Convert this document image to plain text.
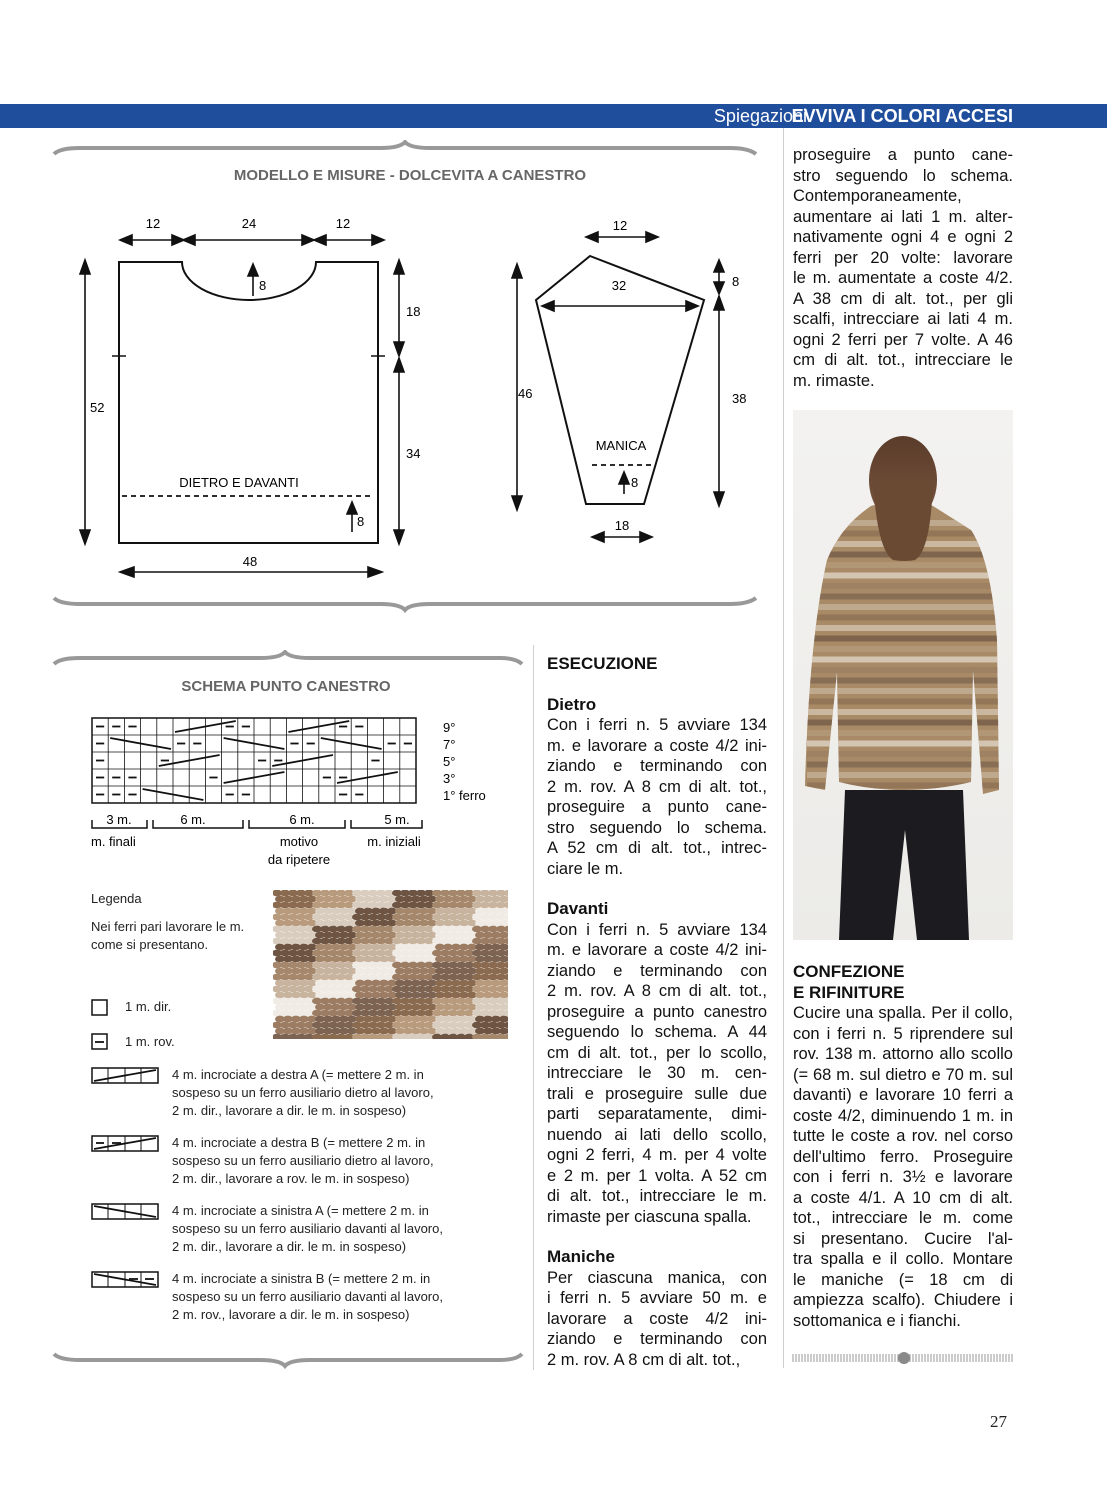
Spiegazioni
EVVIVA I COLORI ACCESI
MODELLO E MISURE - DOLCEVITA A CANESTRO
12	24	12
8
18
52
34
8
48
DIETRO E DAVANTI
12
32	8
46	38
MANICA
8
18
SCHEMA PUNTO CANESTRO
9°
7°
5°
3°
1° ferro
3 m.	6 m.	6 m.	5 m.
m. finali	motivo
da ripetere
m. iniziali
Legenda
Nei ferri pari lavorare le m. come si presentano.
1 m. dir.
1 m. rov.
4 m. incrociate a destra A (= mettere 2 m. in
sospeso su un ferro ausiliario dietro al lavoro,
2 m. dir., lavorare a dir. le m. in sospeso)
4 m. incrociate a destra B (= mettere 2 m. in
sospeso su un ferro ausiliario dietro al lavoro,
2 m. dir., lavorare a rov. le m. in sospeso)
4 m. incrociate a sinistra A (= mettere 2 m. in
sospeso su un ferro ausiliario davanti al lavoro,
2 m. dir., lavorare a dir. le m. in sospeso)
4 m. incrociate a sinistra B (= mettere 2 m. in
sospeso su un ferro ausiliario davanti al lavoro,
2 m. rov., lavorare a dir. le m. in sospeso)
ESECUZIONE
Dietro
Con i ferri n. 5 avviare 134
m. e lavorare a coste 4/2 ini-
ziando e terminando con
2 m. rov. A 8 cm di alt. tot.,
proseguire a punto cane-
stro seguendo lo schema.
A 52 cm di alt. tot., intrec-
ciare le m.
Davanti
Con i ferri n. 5 avviare 134
m. e lavorare a coste 4/2 ini-
ziando e terminando con
2 m. rov. A 8 cm di alt. tot.,
proseguire a punto canestro
seguendo lo schema. A 44
cm di alt. tot., per lo scollo,
intrecciare le 30 m. cen-
trali e proseguire sulle due
parti separatamente, dimi-
nuendo ai lati dello scollo,
ogni 2 ferri, 4 m. per 4 volte
e 2 m. per 1 volta. A 52 cm
di alt. tot., intrecciare le m.
rimaste per ciascuna spalla.
Maniche
Per ciascuna manica, con
i ferri n. 5 avviare 50 m. e
lavorare a coste 4/2 ini-
ziando e terminando con
2 m. rov. A 8 cm di alt. tot.,
proseguire a punto cane-
stro seguendo lo schema.
Contemporaneamente,
aumentare ai lati 1 m. alter-
nativamente ogni 4 e ogni 2
ferri per 20 volte: lavorare
le m. aumentate a coste 4/2.
A 38 cm di alt. tot., per gli
scalfi, intrecciare ai lati 4 m.
ogni 2 ferri per 7 volte. A 46
cm di alt. tot., intrecciare le
m. rimaste.
CONFEZIONE
E RIFINITURE
Cucire una spalla. Per il collo,
con i ferri n. 5 riprendere sul
rov. 138 m. attorno allo scollo
(= 68 m. sul dietro e 70 m. sul
davanti) e lavorare 10 ferri a
coste 4/2, diminuendo 1 m. in
tutte le coste a rov. nel corso
dell'ultimo ferro. Proseguire
con i ferri n. 3½ e lavorare
a coste 4/1. A 10 cm di alt.
tot., intrecciare le m. come
si presentano. Cucire l'al-
tra spalla e il collo. Montare
le maniche (= 18 cm di
ampiezza scalfo). Chiudere i
sottomanica e i fianchi.
27
